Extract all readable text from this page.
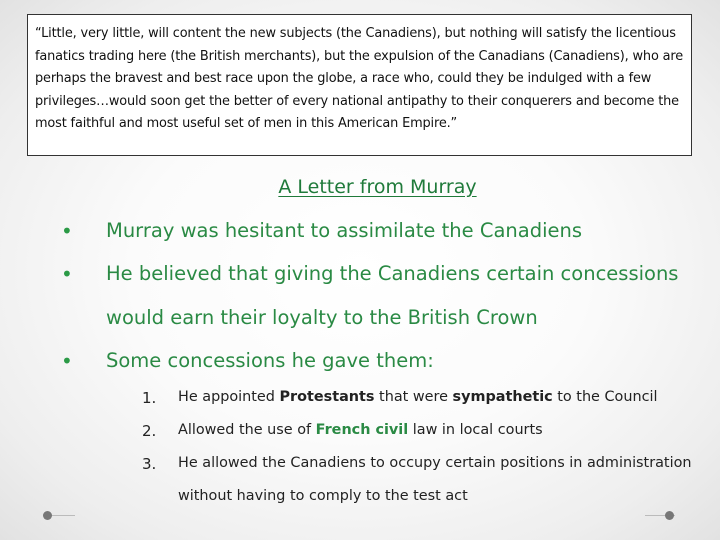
“Little, very little, will content the new subjects (the Canadiens), but nothing will satisfy the licentious fanatics trading here (the British merchants), but the expulsion of the Canadians (Canadiens), who are perhaps the bravest and best race upon the globe, a race who, could they be indulged with a few privileges…would soon get the better of every national antipathy to their conquerers and become the most faithful and most useful set of men in this American Empire.”

A Letter from Murray
• Murray was hesitant to assimilate the Canadiens
• He believed that giving the Canadiens certain concessions would earn their loyalty to the British Crown
• Some concessions he gave them:
1. He appointed Protestants that were sympathetic to the Council
2. Allowed the use of French civil law in local courts
3. He allowed the Canadiens to occupy certain positions in administration without having to comply to the test act
